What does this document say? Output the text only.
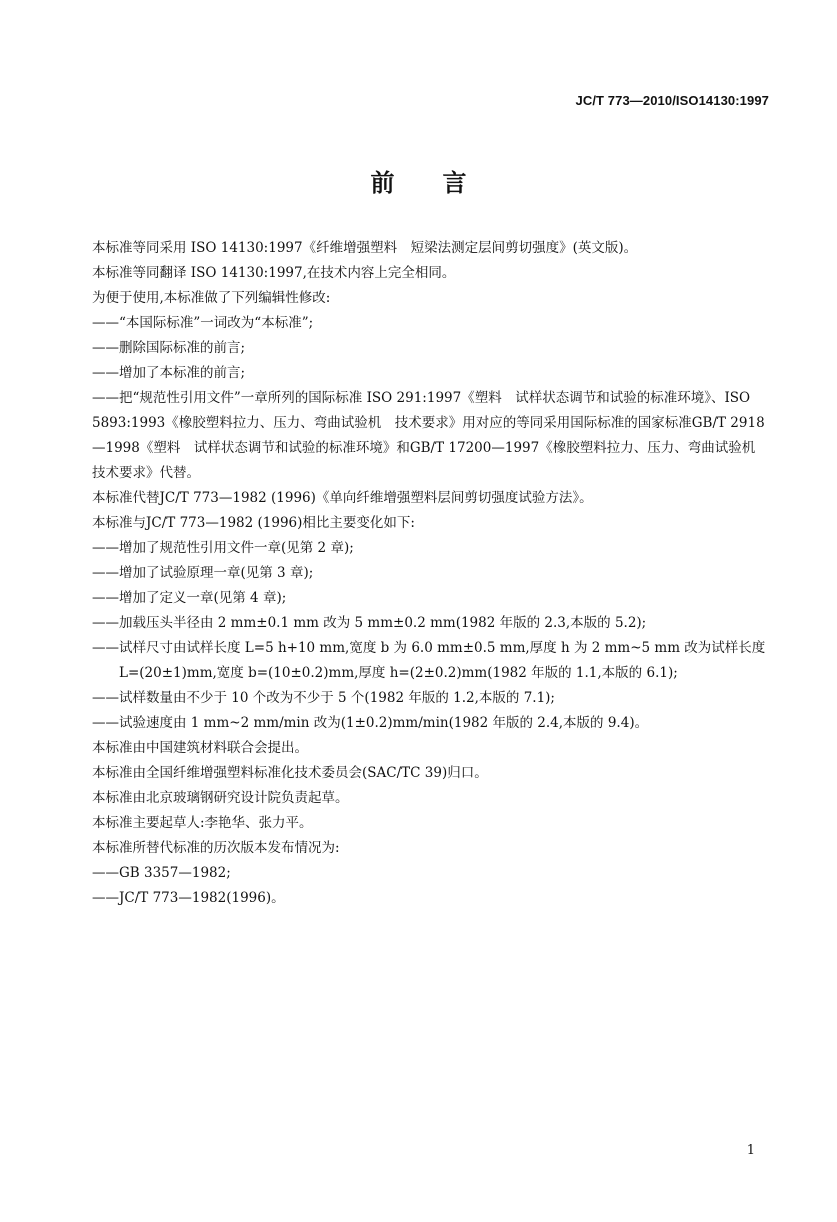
JC/T 773—2010/ISO14130:1997
前 言

本标准等同采用 ISO 14130:1997《纤维增强塑料　短梁法测定层间剪切强度》(英文版)。

本标准等同翻译 ISO 14130:1997,在技术内容上完全相同。

为便于使用,本标准做了下列编辑性修改:

—— “本国际标准”一词改为“本标准”;
—— 删除国际标准的前言;
—— 增加了本标准的前言;

——把“规范性引用文件”一章所列的国际标准 ISO 291:1997《塑料　试样状态调节和试验的标准环境》、ISO 5893:1993《橡胶塑料拉力、压力、弯曲试验机　技术要求》用对应的等同采用国际标准的国家标准GB/T 2918—1998《塑料　试样状态调节和试验的标准环境》和GB/T 17200—1997《橡胶塑料拉力、压力、弯曲试验机　技术要求》代替。

本标准代替JC/T 773—1982 (1996)《单向纤维增强塑料层间剪切强度试验方法》。

本标准与JC/T 773—1982 (1996)相比主要变化如下:

—— 增加了规范性引用文件一章(见第 2 章);
—— 增加了试验原理一章(见第 3 章);
—— 增加了定义一章(见第 4 章);
—— 加载压头半径由 2 mm±0.1 mm 改为 5 mm±0.2 mm(1982 年版的 2.3,本版的 5.2);
—— 试样尺寸由试样长度 L=5 h+10 mm,宽度 b 为 6.0 mm±0.5 mm,厚度 h 为 2 mm~5 mm 改为试样长度 L=(20±1)mm,宽度 b=(10±0.2)mm,厚度 h=(2±0.2)mm(1982 年版的 1.1,本版的 6.1);
—— 试样数量由不少于 10 个改为不少于 5 个(1982 年版的 1.2,本版的 7.1);
—— 试验速度由 1 mm~2 mm/min 改为(1±0.2)mm/min(1982 年版的 2.4,本版的 9.4)。

本标准由中国建筑材料联合会提出。

本标准由全国纤维增强塑料标准化技术委员会(SAC/TC 39)归口。

本标准由北京玻璃钢研究设计院负责起草。

本标准主要起草人:李艳华、张力平。

本标准所替代标准的历次版本发布情况为:

—— GB 3357—1982;
—— JC/T 773—1982(1996)。
1
